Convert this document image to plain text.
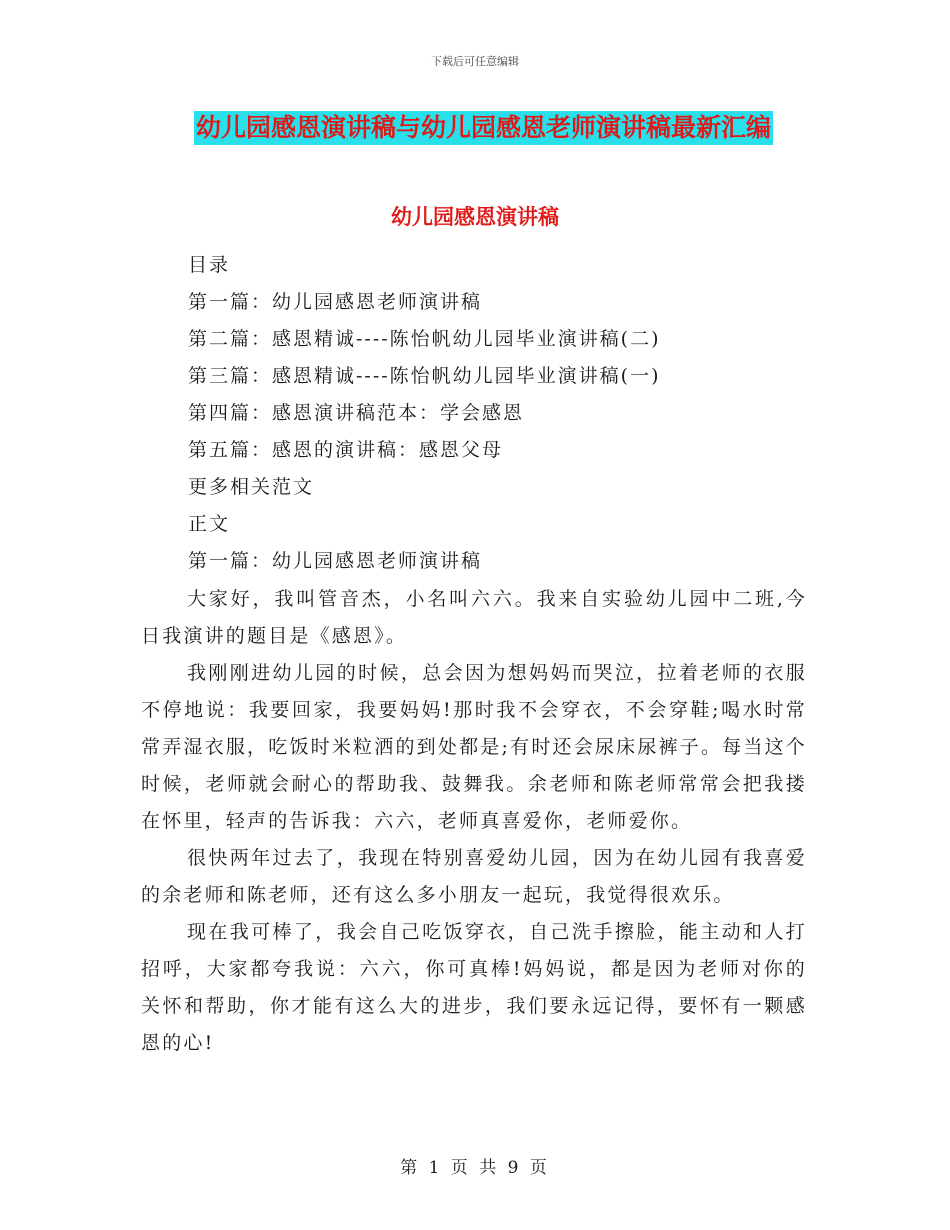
下载后可任意编辑
幼儿园感恩演讲稿与幼儿园感恩老师演讲稿最新汇编
幼儿园感恩演讲稿
目录
第一篇：幼儿园感恩老师演讲稿
第二篇：感恩精诚----陈怡帆幼儿园毕业演讲稿(二)
第三篇：感恩精诚----陈怡帆幼儿园毕业演讲稿(一)
第四篇：感恩演讲稿范本：学会感恩
第五篇：感恩的演讲稿：感恩父母
更多相关范文
正文
第一篇：幼儿园感恩老师演讲稿

大家好，我叫管音杰，小名叫六六。我来自实验幼儿园中二班,今日我演讲的题目是《感恩》。

我刚刚进幼儿园的时候，总会因为想妈妈而哭泣，拉着老师的衣服不停地说：我要回家，我要妈妈!那时我不会穿衣，不会穿鞋;喝水时常常弄湿衣服，吃饭时米粒洒的到处都是;有时还会尿床尿裤子。每当这个时候，老师就会耐心的帮助我、鼓舞我。余老师和陈老师常常会把我搂在怀里，轻声的告诉我：六六，老师真喜爱你，老师爱你。

很快两年过去了，我现在特别喜爱幼儿园，因为在幼儿园有我喜爱的余老师和陈老师，还有这么多小朋友一起玩，我觉得很欢乐。

现在我可棒了，我会自己吃饭穿衣，自己洗手擦脸，能主动和人打招呼，大家都夸我说：六六，你可真棒!妈妈说，都是因为老师对你的关怀和帮助，你才能有这么大的进步，我们要永远记得，要怀有一颗感恩的心!

第 1 页 共 9 页
